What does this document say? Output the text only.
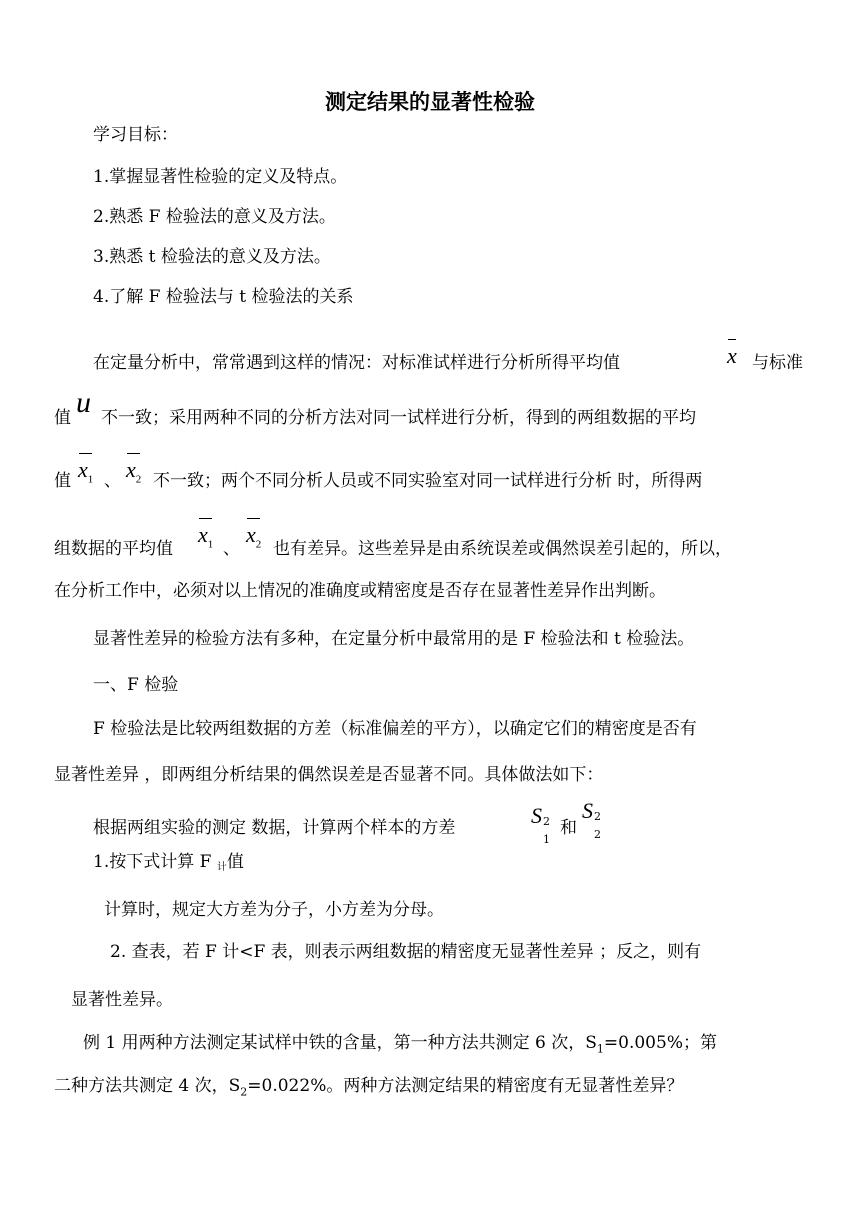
测定结果的显著性检验
学习目标：
1.掌握显著性检验的定义及特点。
2.熟悉 F 检验法的意义及方法。
3.熟悉 t 检验法的意义及方法。
4.了解 F 检验法与 t 检验法的关系
在定量分析中，常常遇到这样的情况：对标准试样进行分析所得平均值	x 与标准
值 u 不一致；采用两种不同的分析方法对同一试样进行分析，得到的两组数据的平均
值 $x_1$ 、 $x_2$ 不一致；两个不同分析人员或不同实验室对同一试样进行分析 时，所得两
组数据的平均值
$x_1$ 、
$x_2$ 也有差异。这些差异是由系统误差或偶然误差引起的，所以，
在分析工作中，必须对以上情况的准确度或精密度是否存在显著性差异作出判断。
显著性差异的检验方法有多种，在定量分析中最常用的是 F 检验法和 t 检验法。
一、F 检验
F 检验法是比较两组数据的方差（标准偏差的平方），以确定它们的精密度是否有
显著性差异 ，即两组分析结果的偶然误差是否显著不同。具体做法如下：
根据两组实验的测定 数据，计算两个样本的方差	S 2
1
和
S 2
2
1.按下式计算 F 计值
计算时，规定大方差为分子，小方差为分母。
2. 查表，若 F 计<F 表，则表示两组数据的精密度无显著性差异 ；反之，则有
显著性差异。
例 1 用两种方法测定某试样中铁的含量，第一种方法共测定 6 次，$S_1=0.005\%$；第
二种方法共测定 4 次，$S_2=0.022\%$。两种方法测定结果的精密度有无显著性差异？
